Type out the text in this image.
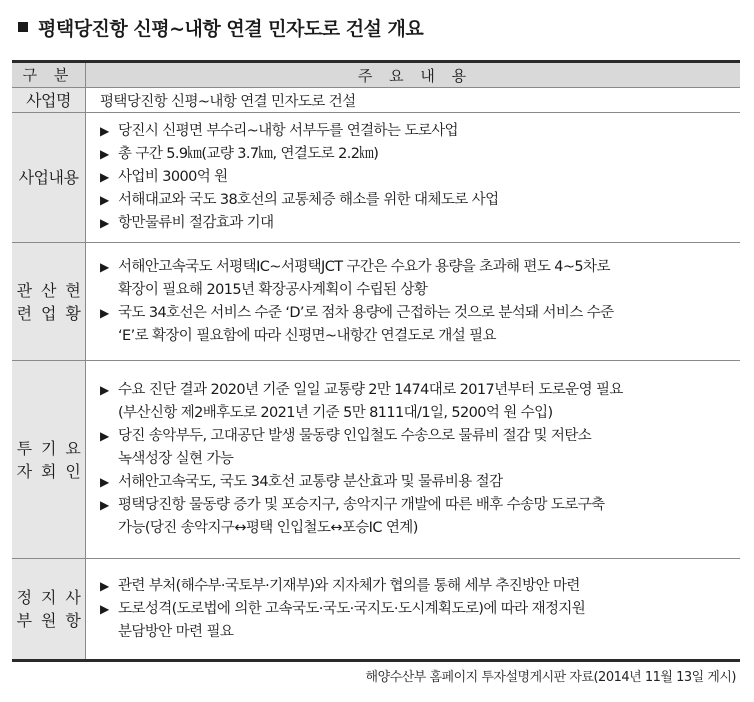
평택당진항 신평~내항 연결 민자도로 건설 개요
구 분	주 요 내 용
사업명 평택당진항 신평~내항 연결 민자도로 건설
사업 내용
▶ 당진시 신평면 부수리~내항 서부두를 연결하는 도로사업
▶ 총 구간 5.9㎞(교량 3.7㎞, 연결도로 2.2㎞)
▶ 사업비 3000억 원
▶ 서해대교와 국도 38호선의 교통체증 해소를 위한 대체도로 사업
▶ 항만물류비 절감효과 기대
관련
산업
현황
▶ 서해안고속국도 서평택IC~서평택JCT 구간은 수요가 용량을 초과해 편도 4~5차로
확장이 필요해 2015년 확장공사계획이 수립된 상황
▶ 국도 34호선은 서비스 수준 ‘D’로 점차 용량에 근접하는 것으로 분석돼 서비스 수준
‘E’로 확장이 필요함에 따라 신평면~내항간 연결도로 개설 필요
투자
기회
요인
▶ 수요 진단 결과 2020년 기준 일일 교통량 2만 1474대로 2017년부터 도로운영 필요
(부산신항 제2배후도로 2021년 기준 5만 8111대/1일, 5200억 원 수입)
▶ 당진 송악부두, 고대공단 발생 물동량 인입철도 수송으로 물류비 절감 및 저탄소
녹색성장 실현 가능
▶ 서해안고속국도, 국도 34호선 교통량 분산효과 및 물류비용 절감
▶ 평택당진항 물동량 증가 및 포승지구, 송악지구 개발에 따른 배후 수송망 도로구축
가능(당진 송악지구↔평택 인입철도↔포승IC 연계)
정부
지원
사항
▶ 관련 부처(해수부·국토부·기재부)와 지자체가 협의를 통해 세부 추진방안 마련
▶ 도로성격(도로법에 의한 고속국도·국도·국지도·도시계획도로)에 따라 재정지원
분담방안 마련 필요
해양수산부 홈페이지 투자설명게시판 자료(2014년 11월 13일 게시)
